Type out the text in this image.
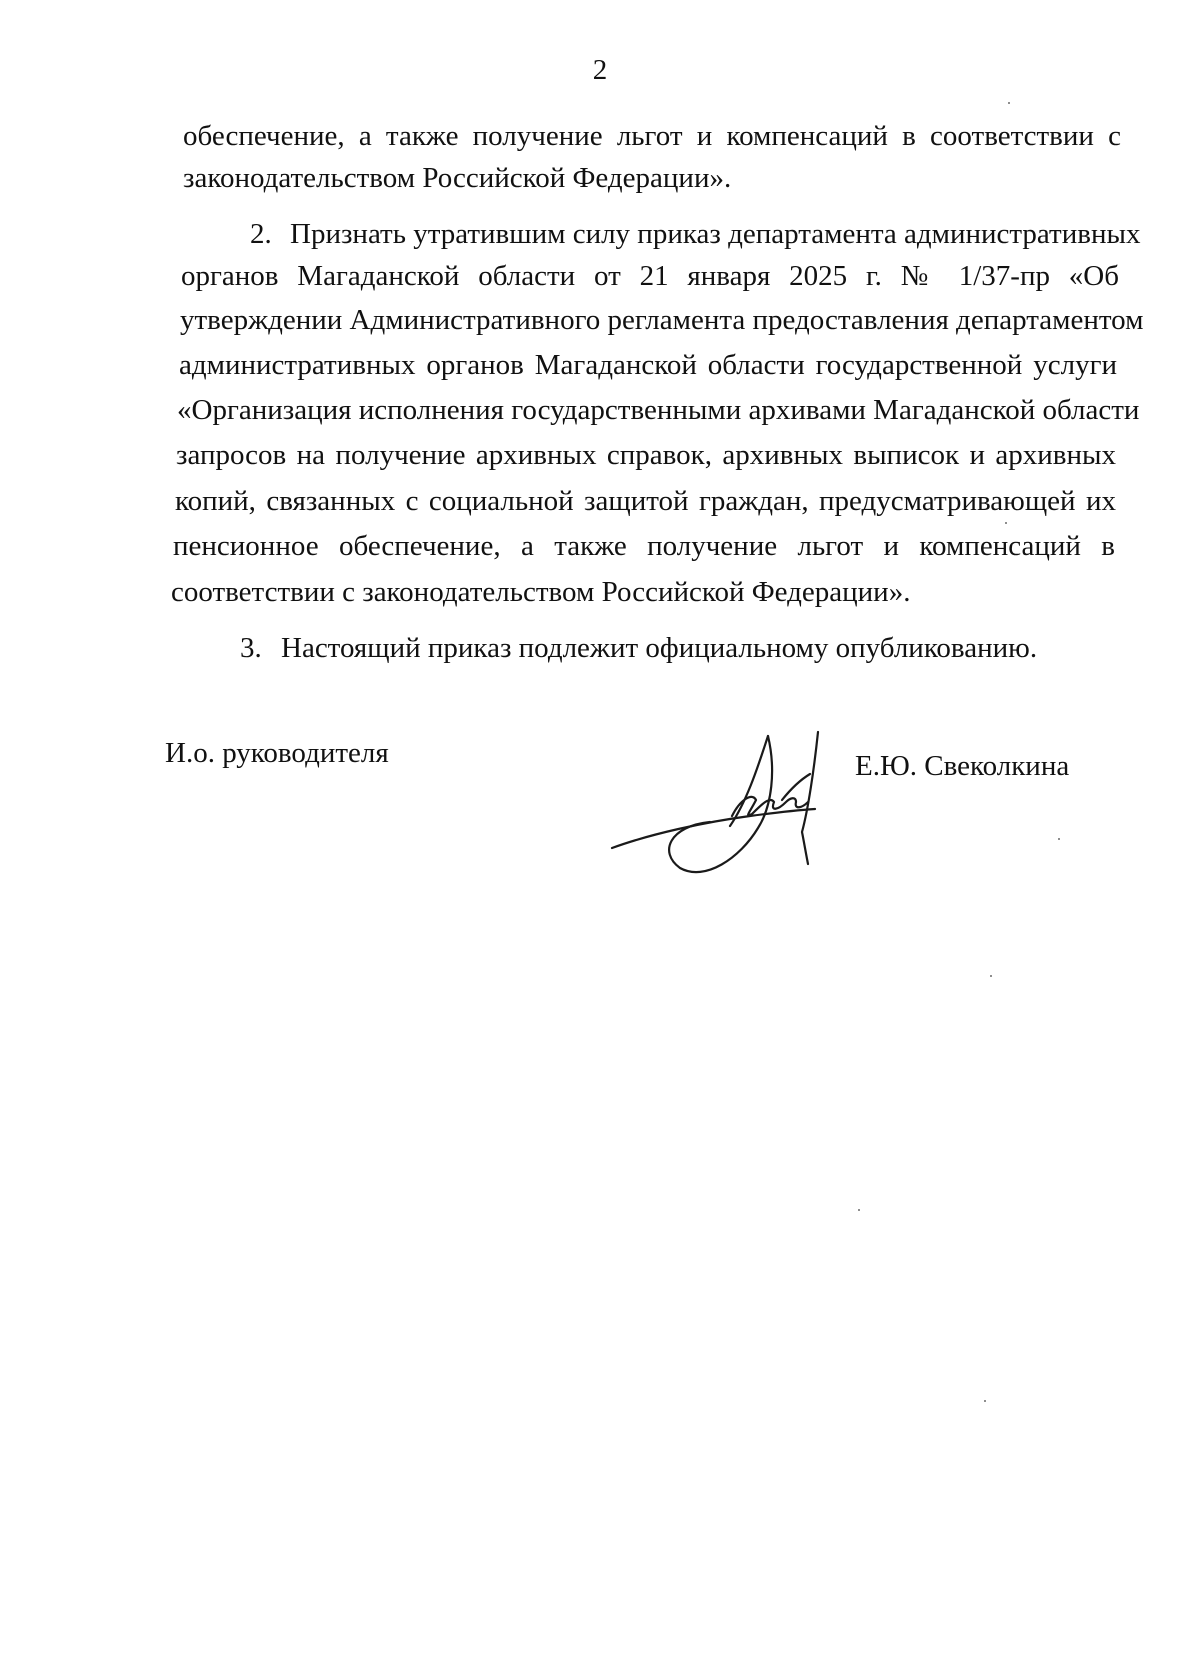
2
обеспечение, а также получение льгот и компенсаций в соответствии с
законодательством Российской Федерации».
2. Признать утратившим силу приказ департамента административных
органов Магаданской области от 21 января 2025 г. № 1/37-пр «Об
утверждении Административного регламента предоставления департаментом
административных органов Магаданской области государственной услуги
«Организация исполнения государственными архивами Магаданской области
запросов на получение архивных справок, архивных выписок и архивных
копий, связанных с социальной защитой граждан, предусматривающей их
пенсионное обеспечение, а также получение льгот и компенсаций в
соответствии с законодательством Российской Федерации».
3. Настоящий приказ подлежит официальному опубликованию.
И.о. руководителя	Е.Ю. Свеколкина
